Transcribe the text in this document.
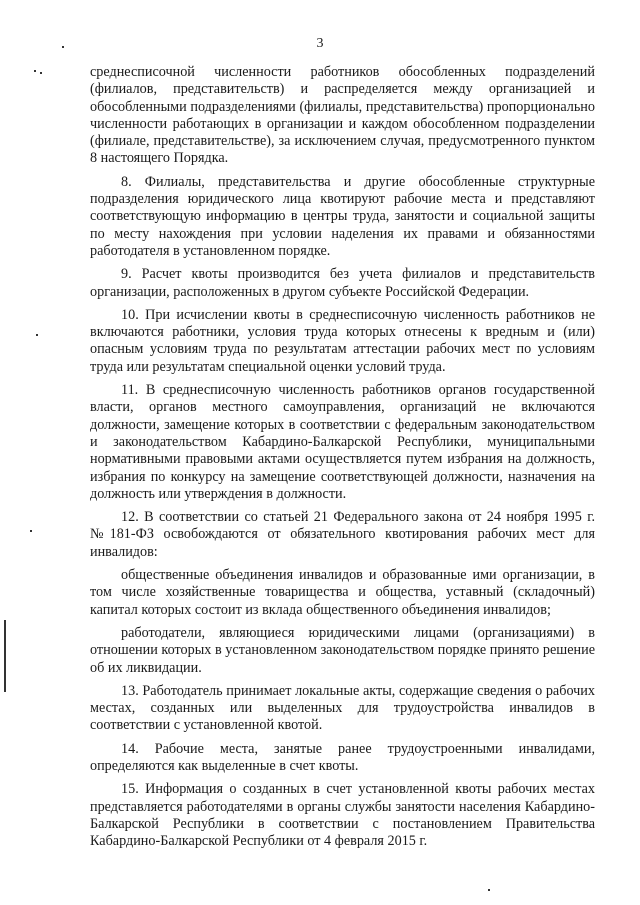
3

среднесписочной численности работников обособленных подразделений (филиалов, представительств) и распределяется между организацией и обособленными подразделениями (филиалы, представительства) пропорционально численности работающих в организации и каждом обособленном подразделении (филиале, представительстве), за исключением случая, предусмотренного пунктом 8 настоящего Порядка.

8. Филиалы, представительства и другие обособленные структурные подразделения юридического лица квотируют рабочие места и представляют соответствующую информацию в центры труда, занятости и социальной защиты по месту нахождения при условии наделения их правами и обязанностями работодателя в установленном порядке.

9. Расчет квоты производится без учета филиалов и представительств организации, расположенных в другом субъекте Российской Федерации.

10. При исчислении квоты в среднесписочную численность работников не включаются работники, условия труда которых отнесены к вредным и (или) опасным условиям труда по результатам аттестации рабочих мест по условиям труда или результатам специальной оценки условий труда.

11. В среднесписочную численность работников органов государственной власти, органов местного самоуправления, организаций не включаются должности, замещение которых в соответствии с федеральным законодательством и законодательством Кабардино-Балкарской Республики, муниципальными нормативными правовыми актами осуществляется путем избрания на должность, избрания по конкурсу на замещение соответствующей должности, назначения на должность или утверждения в должности.

12. В соответствии со статьей 21 Федерального закона от 24 ноября 1995 г. №181-ФЗ освобождаются от обязательного квотирования рабочих мест для инвалидов:

общественные объединения инвалидов и образованные ими организации, в том числе хозяйственные товарищества и общества, уставный (складочный) капитал которых состоит из вклада общественного объединения инвалидов;

работодатели, являющиеся юридическими лицами (организациями) в отношении которых в установленном законодательством порядке принято решение об их ликвидации.

13. Работодатель принимает локальные акты, содержащие сведения о рабочих местах, созданных или выделенных для трудоустройства инвалидов в соответствии с установленной квотой.

14. Рабочие места, занятые ранее трудоустроенными инвалидами, определяются как выделенные в счет квоты.

15. Информация о созданных в счет установленной квоты рабочих местах представляется работодателями в органы службы занятости населения Кабардино-Балкарской Республики в соответствии с постановлением Правительства Кабардино-Балкарской Республики от 4 февраля 2015 г.
